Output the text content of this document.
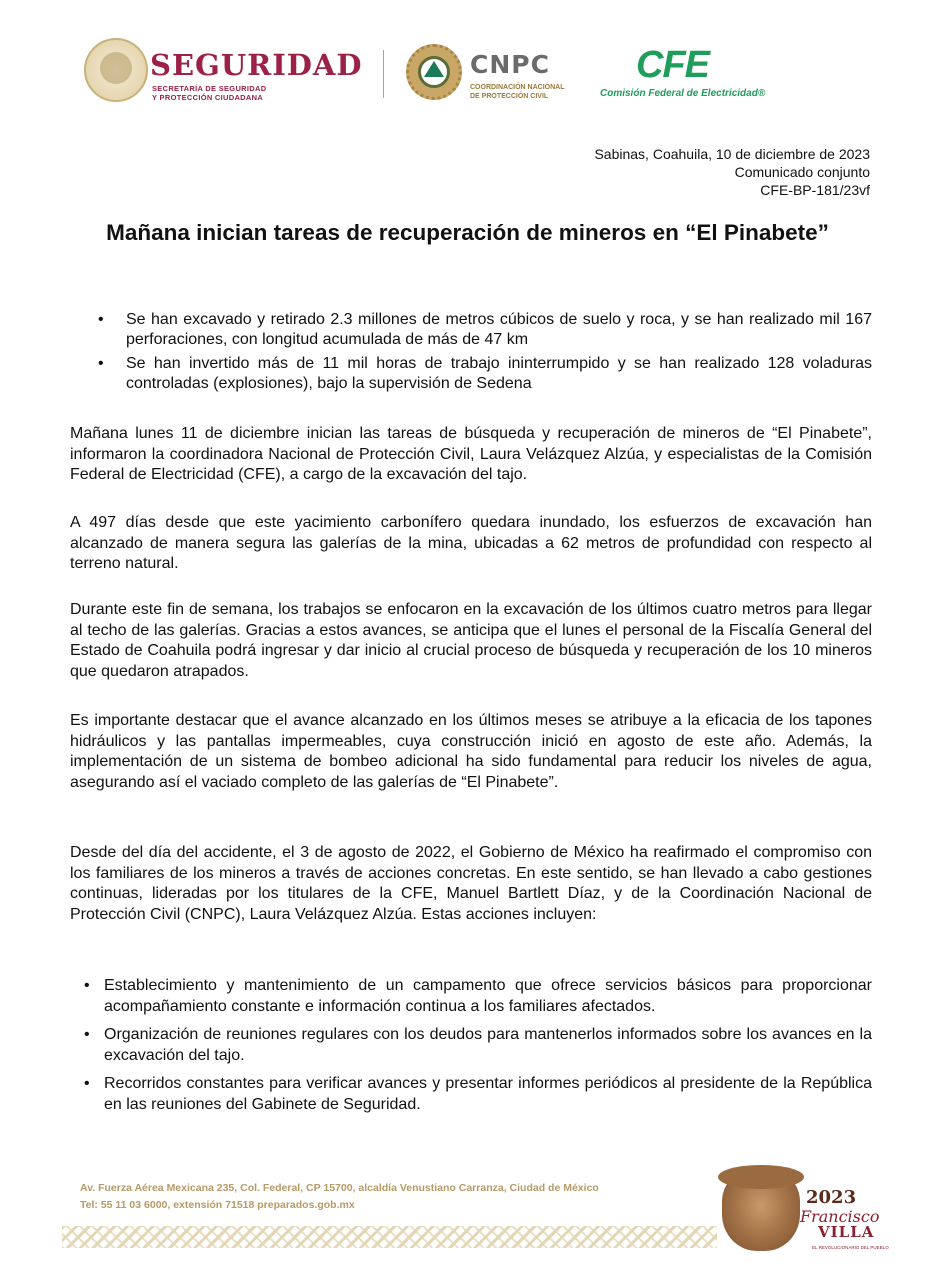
SEGURIDAD
SECRETARÍA DE SEGURIDAD
Y PROTECCIÓN CIUDADANA
CNPC
COORDINACIÓN NACIONAL
DE PROTECCIÓN CIVIL
CFE
Comisión Federal de Electricidad®
Sabinas, Coahuila, 10 de diciembre de 2023
Comunicado conjunto
CFE-BP-181/23vf
Mañana inician tareas de recuperación de mineros en “El Pinabete”
• Se han excavado y retirado 2.3 millones de metros cúbicos de suelo y roca, y se han realizado mil 167 perforaciones, con longitud acumulada de más de 47 km
• Se han invertido más de 11 mil horas de trabajo ininterrumpido y se han realizado 128 voladuras controladas (explosiones), bajo la supervisión de Sedena

Mañana lunes 11 de diciembre inician las tareas de búsqueda y recuperación de mineros de “El Pinabete”, informaron la coordinadora Nacional de Protección Civil, Laura Velázquez Alzúa, y especialistas de la Comisión Federal de Electricidad (CFE), a cargo de la excavación del tajo.

A 497 días desde que este yacimiento carbonífero quedara inundado, los esfuerzos de excavación han alcanzado de manera segura las galerías de la mina, ubicadas a 62 metros de profundidad con respecto al terreno natural.

Durante este fin de semana, los trabajos se enfocaron en la excavación de los últimos cuatro metros para llegar al techo de las galerías. Gracias a estos avances, se anticipa que el lunes el personal de la Fiscalía General del Estado de Coahuila podrá ingresar y dar inicio al crucial proceso de búsqueda y recuperación de los 10 mineros que quedaron atrapados.

Es importante destacar que el avance alcanzado en los últimos meses se atribuye a la eficacia de los tapones hidráulicos y las pantallas impermeables, cuya construcción inició en agosto de este año. Además, la implementación de un sistema de bombeo adicional ha sido fundamental para reducir los niveles de agua, asegurando así el vaciado completo de las galerías de “El Pinabete”.

Desde del día del accidente, el 3 de agosto de 2022, el Gobierno de México ha reafirmado el compromiso con los familiares de los mineros a través de acciones concretas. En este sentido, se han llevado a cabo gestiones continuas, lideradas por los titulares de la CFE, Manuel Bartlett Díaz, y de la Coordinación Nacional de Protección Civil (CNPC), Laura Velázquez Alzúa. Estas acciones incluyen:

• Establecimiento y mantenimiento de un campamento que ofrece servicios básicos para proporcionar acompañamiento constante e información continua a los familiares afectados.
• Organización de reuniones regulares con los deudos para mantenerlos informados sobre los avances en la excavación del tajo.
• Recorridos constantes para verificar avances y presentar informes periódicos al presidente de la República en las reuniones del Gabinete de Seguridad.
Av. Fuerza Aérea Mexicana 235, Col. Federal, CP 15700, alcaldía Venustiano Carranza, Ciudad de México
Tel: 55 11 03 6000, extensión 71518 preparados.gob.mx	2023
Francisco
VILLA
EL REVOLUCIONARIO DEL PUEBLO
